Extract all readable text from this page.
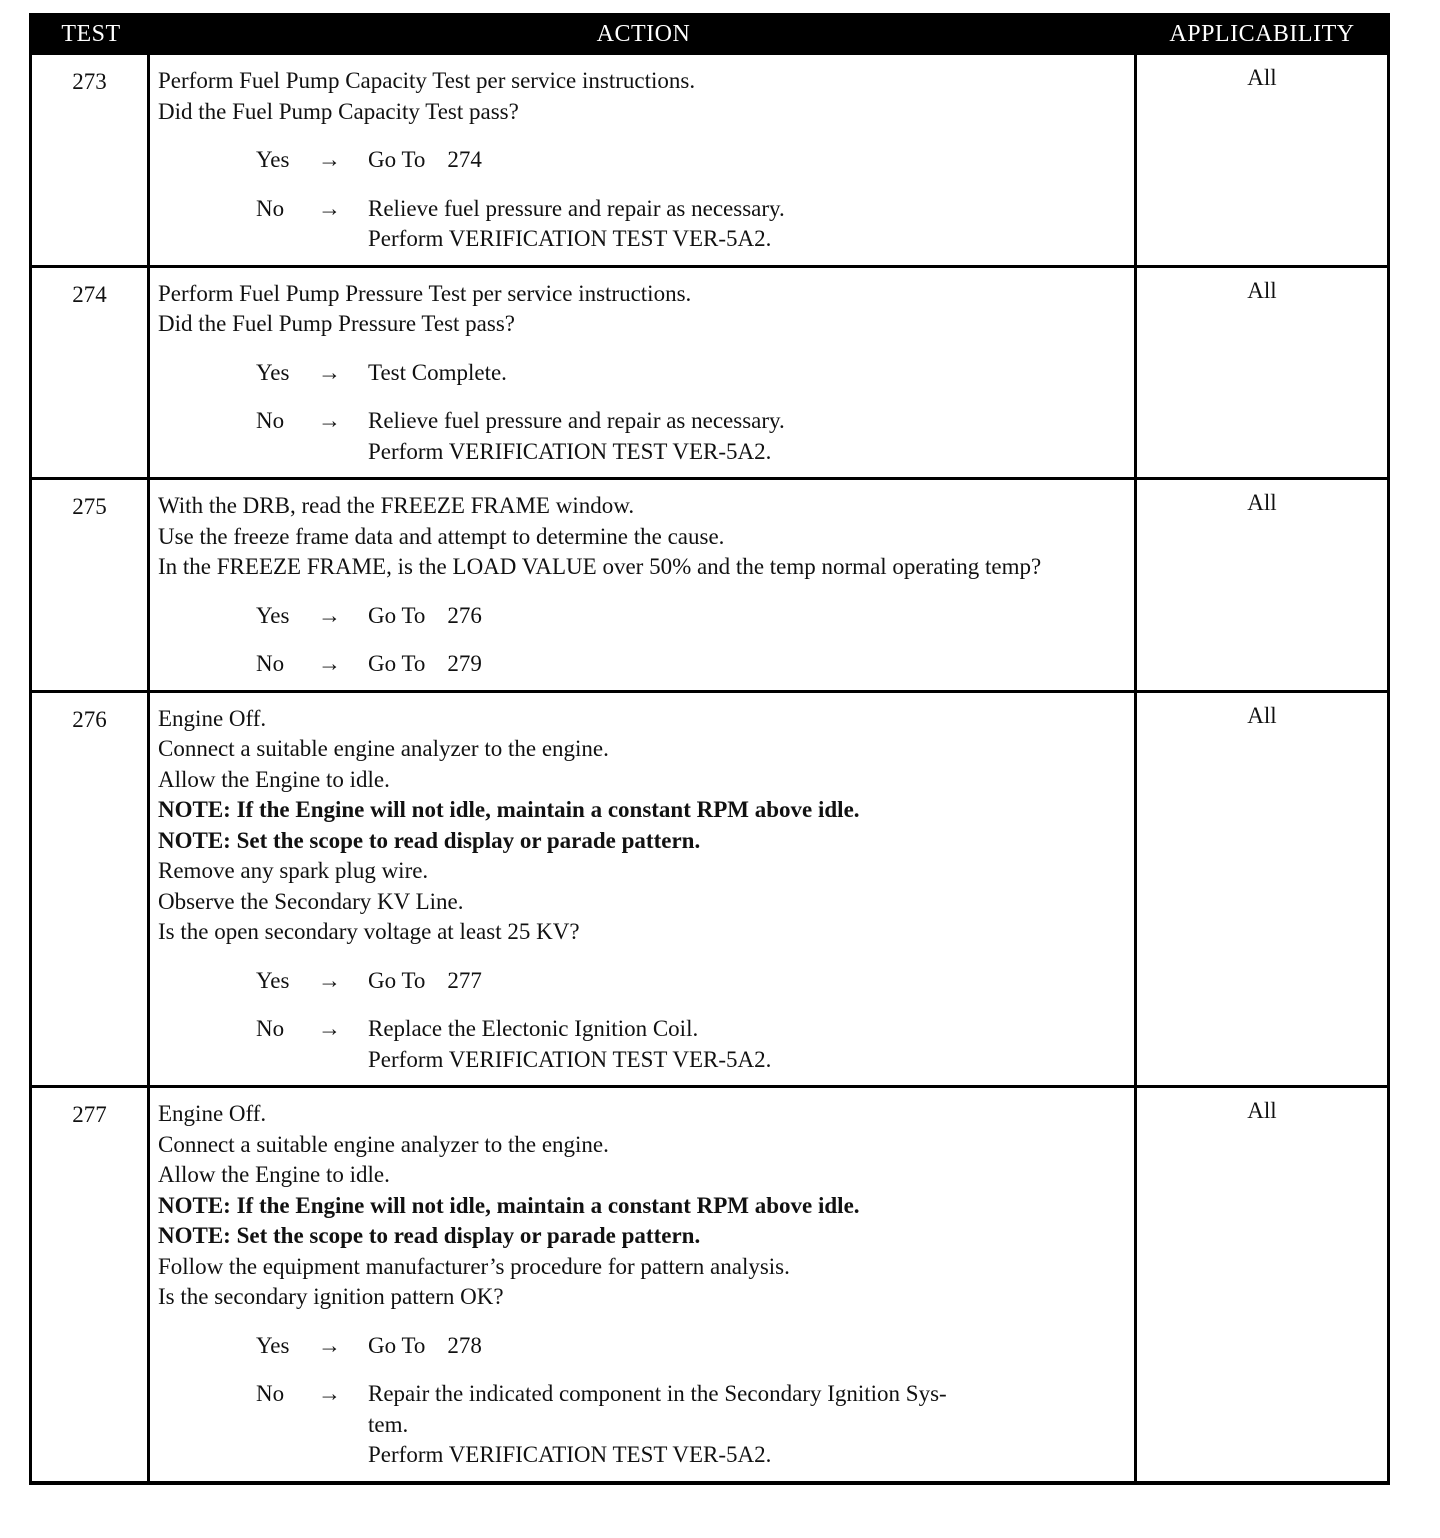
TEST	ACTION	APPLICABILITY
273	Perform Fuel Pump Capacity Test per service instructions.
Did the Fuel Pump Capacity Test pass?
Yes	→	Go To 274
No	→	Relieve fuel pressure and repair as necessary.
Perform VERIFICATION TEST VER-5A2.
All
274	Perform Fuel Pump Pressure Test per service instructions.
Did the Fuel Pump Pressure Test pass?
Yes	→	Test Complete.
No	→	Relieve fuel pressure and repair as necessary.
Perform VERIFICATION TEST VER-5A2.
All
275	With the DRB, read the FREEZE FRAME window.
Use the freeze frame data and attempt to determine the cause.
In the FREEZE FRAME, is the LOAD VALUE over 50% and the temp normal operating temp?
Yes	→	Go To 276
No	→	Go To 279
All
276	Engine Off.
Connect a suitable engine analyzer to the engine.
Allow the Engine to idle.
NOTE: If the Engine will not idle, maintain a constant RPM above idle.
NOTE: Set the scope to read display or parade pattern.
Remove any spark plug wire.
Observe the Secondary KV Line.
Is the open secondary voltage at least 25 KV?
Yes	→	Go To 277
No	→	Replace the Electonic Ignition Coil.
Perform VERIFICATION TEST VER-5A2.
All
277	Engine Off.
Connect a suitable engine analyzer to the engine.
Allow the Engine to idle.
NOTE: If the Engine will not idle, maintain a constant RPM above idle.
NOTE: Set the scope to read display or parade pattern.
Follow the equipment manufacturer’s procedure for pattern analysis.
Is the secondary ignition pattern OK?
Yes	→	Go To 278
No	→	Repair the indicated component in the Secondary Ignition Sys-
tem.
Perform VERIFICATION TEST VER-5A2.
All
